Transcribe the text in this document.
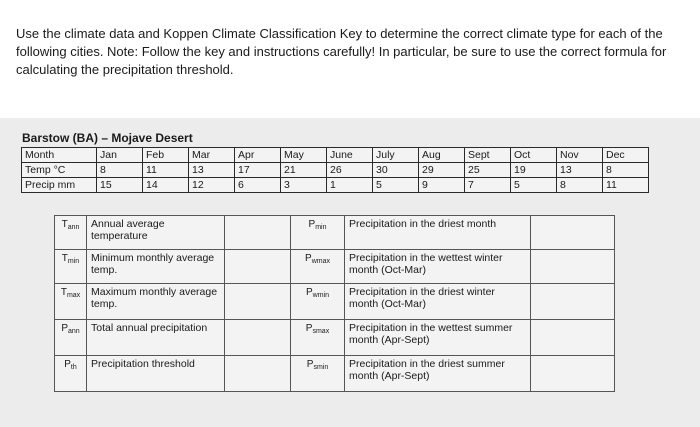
Use the climate data and Koppen Climate Classification Key to determine the correct climate type for each of the following cities. Note: Follow the key and instructions carefully! In particular, be sure to use the correct formula for calculating the precipitation threshold.

Barstow (BA) – Mojave Desert

Month	Jan	Feb	Mar	Apr	May	June	July	Aug	Sept	Oct	Nov	Dec
Temp °C	8	11	13	17	21	26	30	29	25	19	13	8
Precip mm	15	14	12	6	3	1	5	9	7	5	8	11
$T_{ann}$	Annual average temperature		$P_{min}$	Precipitation in the driest month	
$T_{min}$	Minimum monthly average temp.		$P_{wmax}$	Precipitation in the wettest winter month (Oct-Mar)	
$T_{max}$	Maximum monthly average temp.		$P_{wmin}$	Precipitation in the driest winter month (Oct-Mar)	
$P_{ann}$	Total annual precipitation		$P_{smax}$	Precipitation in the wettest summer month (Apr-Sept)	
$P_{th}$	Precipitation threshold		$P_{smin}$	Precipitation in the driest summer month (Apr-Sept)	
